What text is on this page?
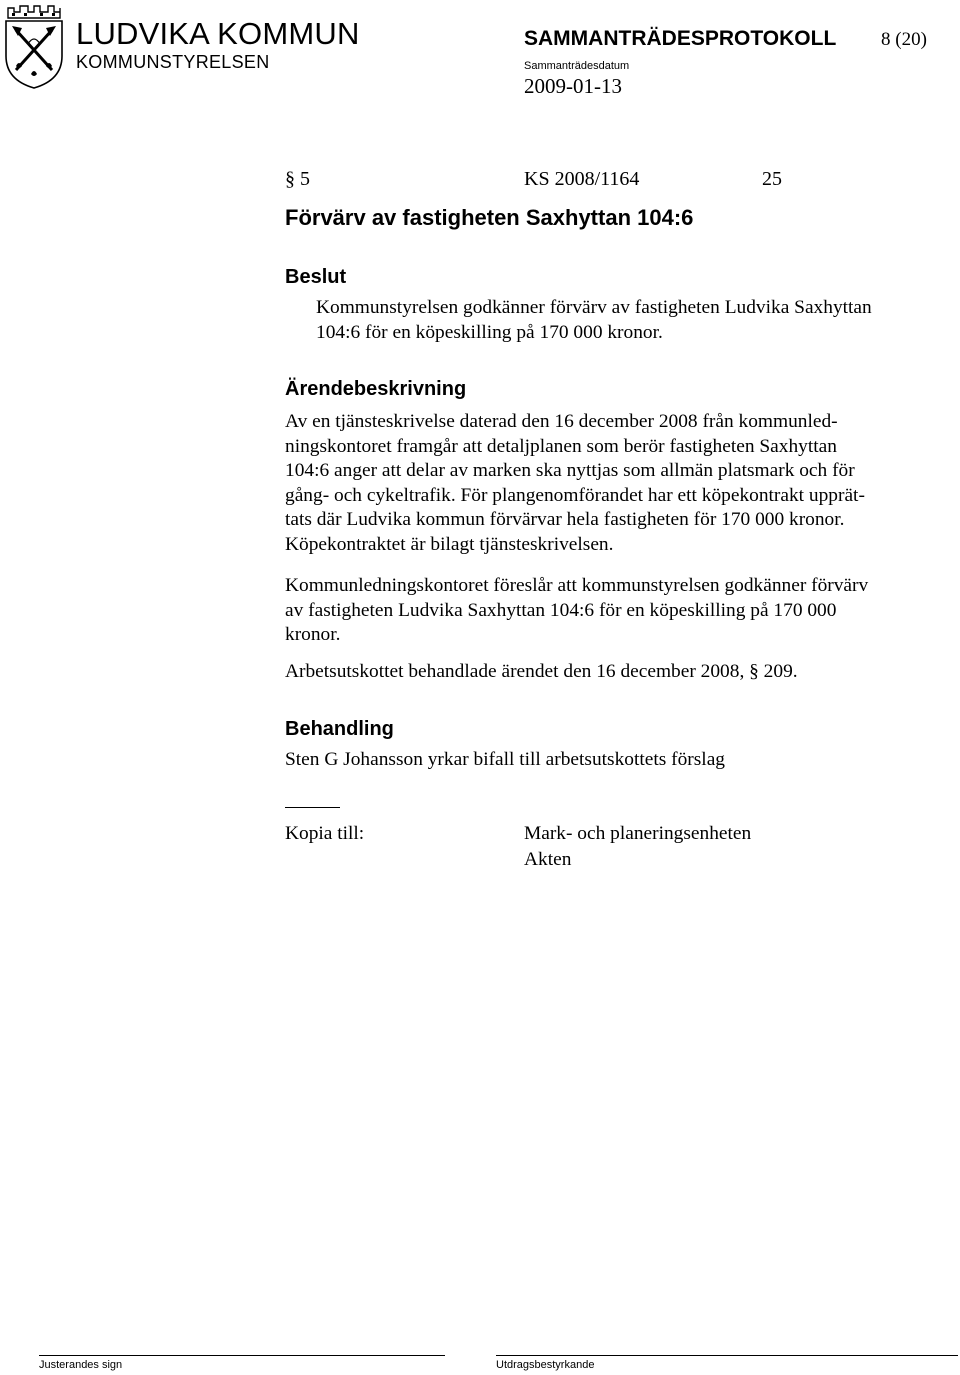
LUDVIKA KOMMUN
KOMMUNSTYRELSEN
SAMMANTRÄDESPROTOKOLL 8 (20)
Sammanträdesdatum
2009-01-13
§ 5	KS 2008/1164	25
Förvärv av fastigheten Saxhyttan 104:6
Beslut
Kommunstyrelsen godkänner förvärv av fastigheten Ludvika Saxhyttan
104:6 för en köpeskilling på 170 000 kronor.
Ärendebeskrivning
Av en tjänsteskrivelse daterad den 16 december 2008 från kommunled-
ningskontoret framgår att detaljplanen som berör fastigheten Saxhyttan
104:6 anger att delar av marken ska nyttjas som allmän platsmark och för
gång- och cykeltrafik. För plangenomförandet har ett köpekontrakt upprät-
tats där Ludvika kommun förvärvar hela fastigheten för 170 000 kronor.
Köpekontraktet är bilagt tjänsteskrivelsen.
Kommunledningskontoret föreslår att kommunstyrelsen godkänner förvärv
av fastigheten Ludvika Saxhyttan 104:6 för en köpeskilling på 170 000
kronor.
Arbetsutskottet behandlade ärendet den 16 december 2008, § 209.
Behandling
Sten G Johansson yrkar bifall till arbetsutskottets förslag
Kopia till:	Mark- och planeringsenheten
Akten
Justerandes sign	Utdragsbestyrkande
